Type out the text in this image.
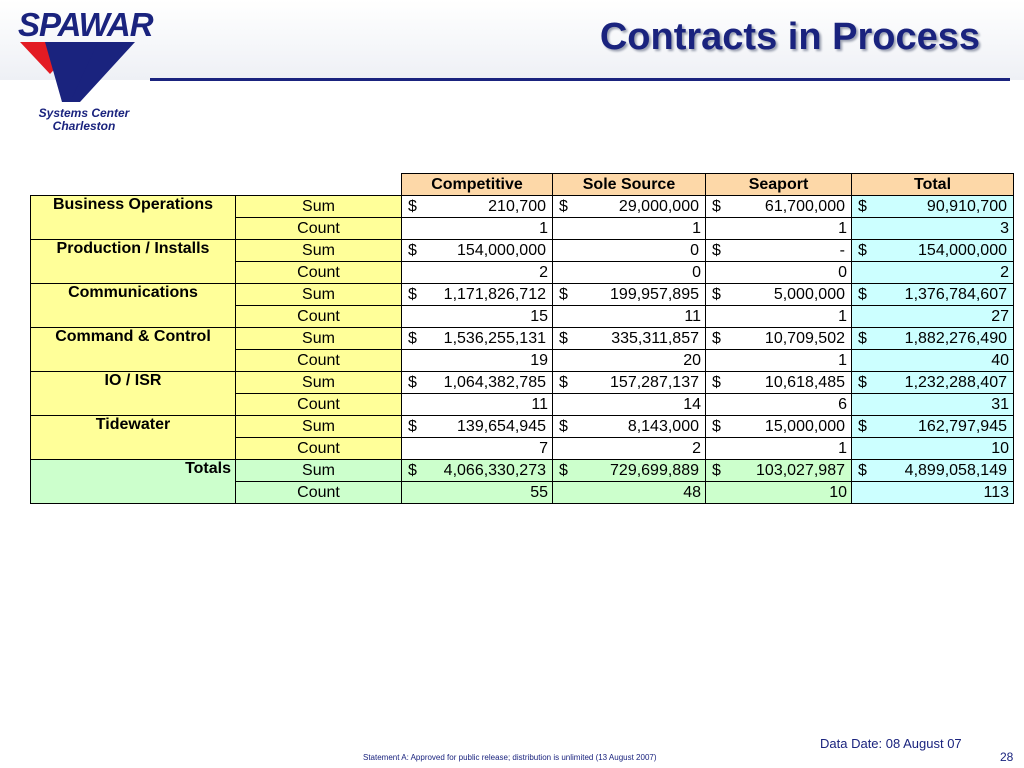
SPAWAR
Systems Center
Charleston
Contracts in Process
		Competitive	Sole Source	Seaport	Total
Business Operations	Sum	$ 210,700	$ 29,000,000	$ 61,700,000	$ 90,910,700

	Count	1	1	1	3
Production / Installs	Sum	$ 154,000,000	0	$ -	$ 154,000,000

	Count	2	0	0	2
Communications	Sum	$ 1,171,826,712	$ 199,957,895	$ 5,000,000	$ 1,376,784,607

	Count	15	11	1	27
Command & Control	Sum	$ 1,536,255,131	$ 335,311,857	$ 10,709,502	$ 1,882,276,490

	Count	19	20	1	40
IO / ISR	Sum	$ 1,064,382,785	$ 157,287,137	$ 10,618,485	$ 1,232,288,407

	Count	11	14	6	31
Tidewater	Sum	$ 139,654,945	$ 8,143,000	$ 15,000,000	$ 162,797,945

	Count	7	2	1	10
Totals	Sum	$ 4,066,330,273	$ 729,699,889	$ 103,027,987	$ 4,899,058,149

	Count	55	48	10	113
Data Date: 08 August 07
Statement A: Approved for public release; distribution is unlimited (13 August 2007)	28
